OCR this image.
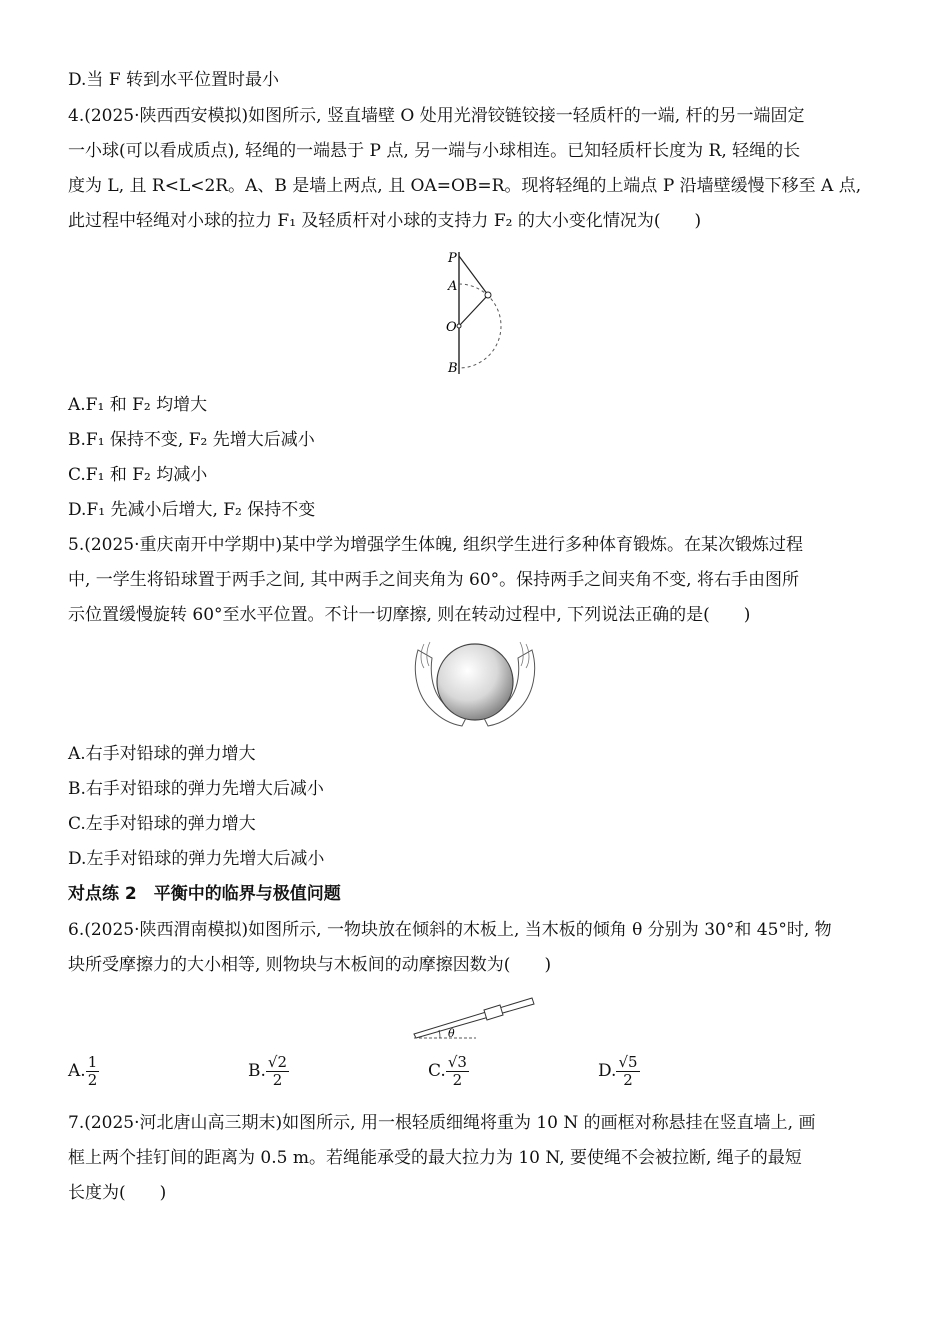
D.当 F 转到水平位置时最小
4.(2025·陕西西安模拟)如图所示, 竖直墙壁 O 处用光滑铰链铰接一轻质杆的一端, 杆的另一端固定
一小球(可以看成质点), 轻绳的一端悬于 P 点, 另一端与小球相连。已知轻质杆长度为 R, 轻绳的长
度为 L, 且 R<L<2R。A、B 是墙上两点, 且 OA=OB=R。现将轻绳的上端点 P 沿墙壁缓慢下移至 A 点,
此过程中轻绳对小球的拉力 F₁ 及轻质杆对小球的支持力 F₂ 的大小变化情况为(　　)
P
A
O
B
A.F₁ 和 F₂ 均增大
B.F₁ 保持不变, F₂ 先增大后减小
C.F₁ 和 F₂ 均减小
D.F₁ 先减小后增大, F₂ 保持不变
5.(2025·重庆南开中学期中)某中学为增强学生体魄, 组织学生进行多种体育锻炼。在某次锻炼过程
中, 一学生将铅球置于两手之间, 其中两手之间夹角为 60°。保持两手之间夹角不变, 将右手由图所
示位置缓慢旋转 60°至水平位置。不计一切摩擦, 则在转动过程中, 下列说法正确的是(　　)
A.右手对铅球的弹力增大
B.右手对铅球的弹力先增大后减小
C.左手对铅球的弹力增大
D.左手对铅球的弹力先增大后减小
对点练 2　平衡中的临界与极值问题
6.(2025·陕西渭南模拟)如图所示, 一物块放在倾斜的木板上, 当木板的倾角 θ 分别为 30°和 45°时, 物
块所受摩擦力的大小相等, 则物块与木板间的动摩擦因数为(　　)
θ
A. $\frac{1}{2}$	B. $\frac{√2}{2}$	C. $\frac{√3}{2}$	D. $\frac{√5}{2}$
7.(2025·河北唐山高三期末)如图所示, 用一根轻质细绳将重为 10 N 的画框对称悬挂在竖直墙上, 画
框上两个挂钉间的距离为 0.5 m。若绳能承受的最大拉力为 10 N, 要使绳不会被拉断, 绳子的最短
长度为(　　)
